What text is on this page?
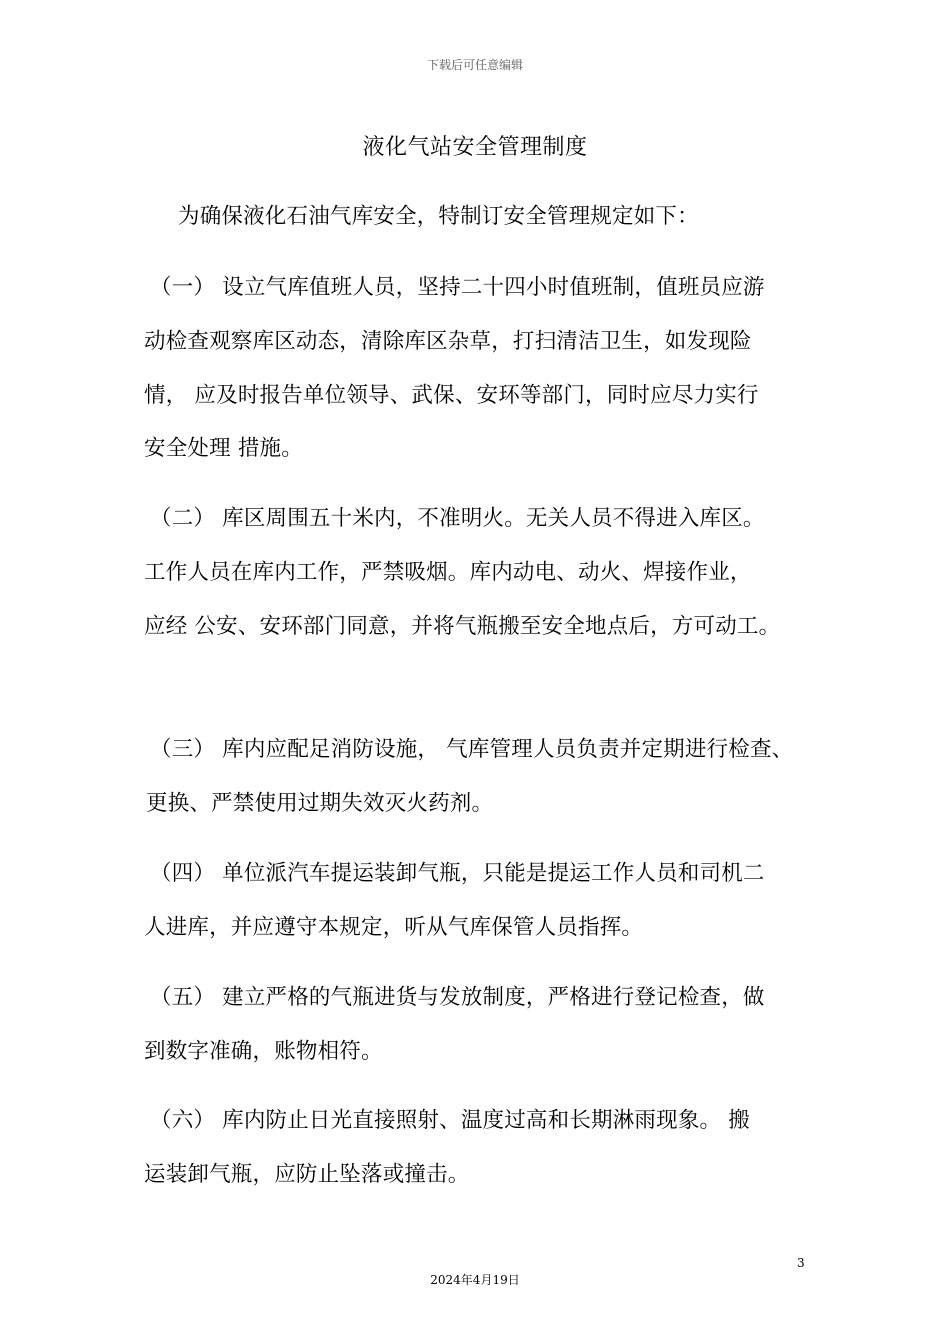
下载后可任意编辑
液化气站安全管理制度
为确保液化石油气库安全，特制订安全管理规定如下：
（一） 设立气库值班人员，坚持二十四小时值班制，值班员应游
动检查观察库区动态，清除库区杂草，打扫清洁卫生，如发现险
情， 应及时报告单位领导、武保、安环等部门，同时应尽力实行
安全处理 措施。
（二） 库区周围五十米内，不准明火。无关人员不得进入库区。
工作人员在库内工作，严禁吸烟。库内动电、动火、焊接作业，
应经 公安、安环部门同意，并将气瓶搬至安全地点后，方可动工。
（三） 库内应配足消防设施， 气库管理人员负责并定期进行检查、
更换、严禁使用过期失效灭火药剂。
（四） 单位派汽车提运装卸气瓶，只能是提运工作人员和司机二
人进库，并应遵守本规定，听从气库保管人员指挥。
（五） 建立严格的气瓶进货与发放制度，严格进行登记检查，做
到数字准确，账物相符。
（六） 库内防止日光直接照射、温度过高和长期淋雨现象。 搬
运装卸气瓶，应防止坠落或撞击。
3
2024年4月19日
